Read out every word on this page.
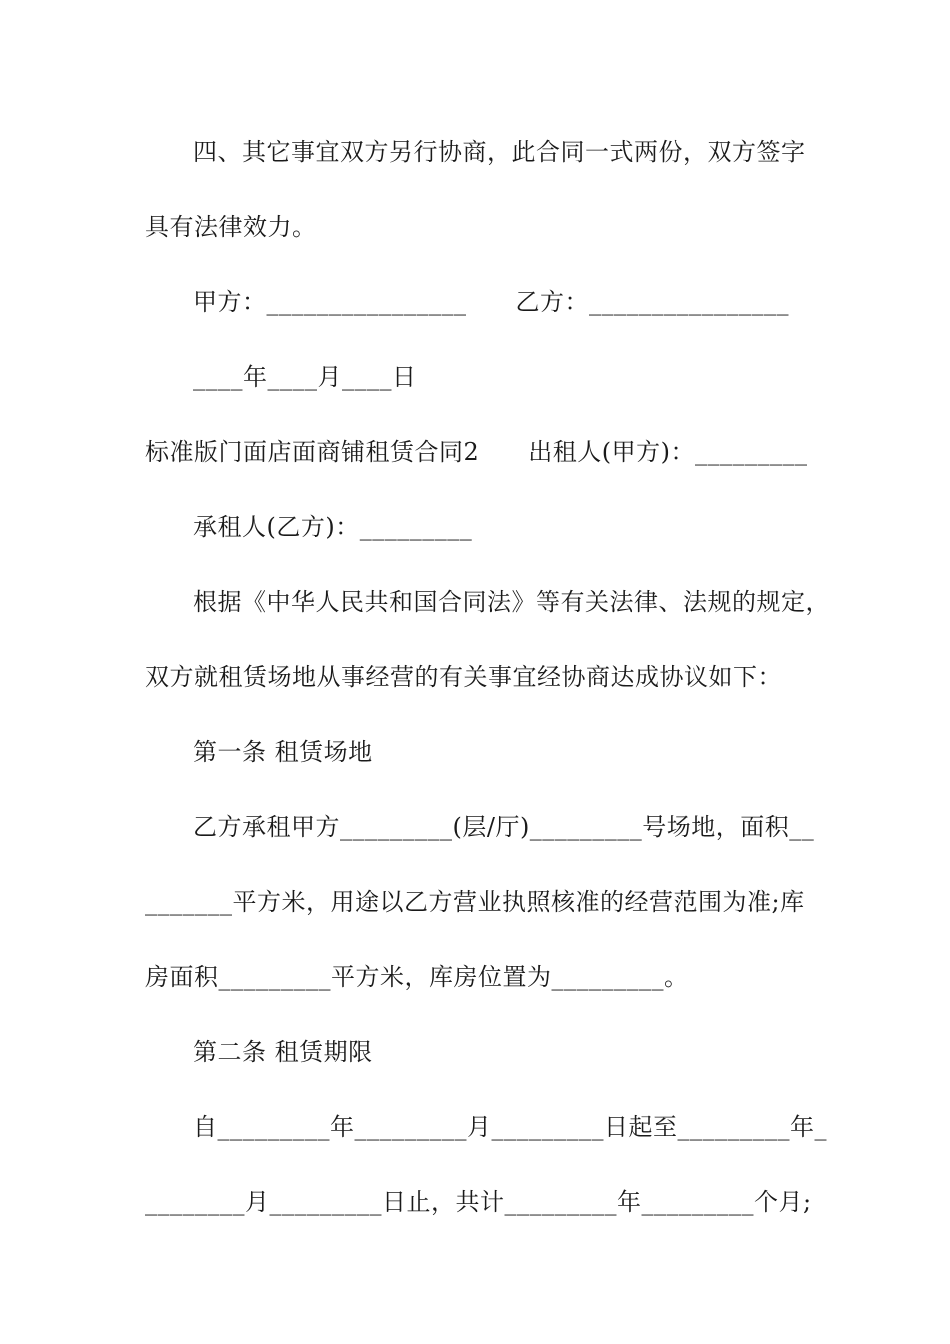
四、其它事宜双方另行协商，此合同一式两份，双方签字
具有法律效力。
甲方：________________　　乙方：________________
____年____月____日
标准版门面店面商铺租赁合同2　　出租人(甲方)：_________
承租人(乙方)：_________
根据《中华人民共和国合同法》等有关法律、法规的规定，
双方就租赁场地从事经营的有关事宜经协商达成协议如下：
第一条 租赁场地
乙方承租甲方_________(层/厅)_________号场地，面积__
_______平方米，用途以乙方营业执照核准的经营范围为准;库
房面积_________平方米，库房位置为_________。
第二条 租赁期限
自_________年_________月_________日起至_________年_
________月_________日止，共计_________年_________个月;
